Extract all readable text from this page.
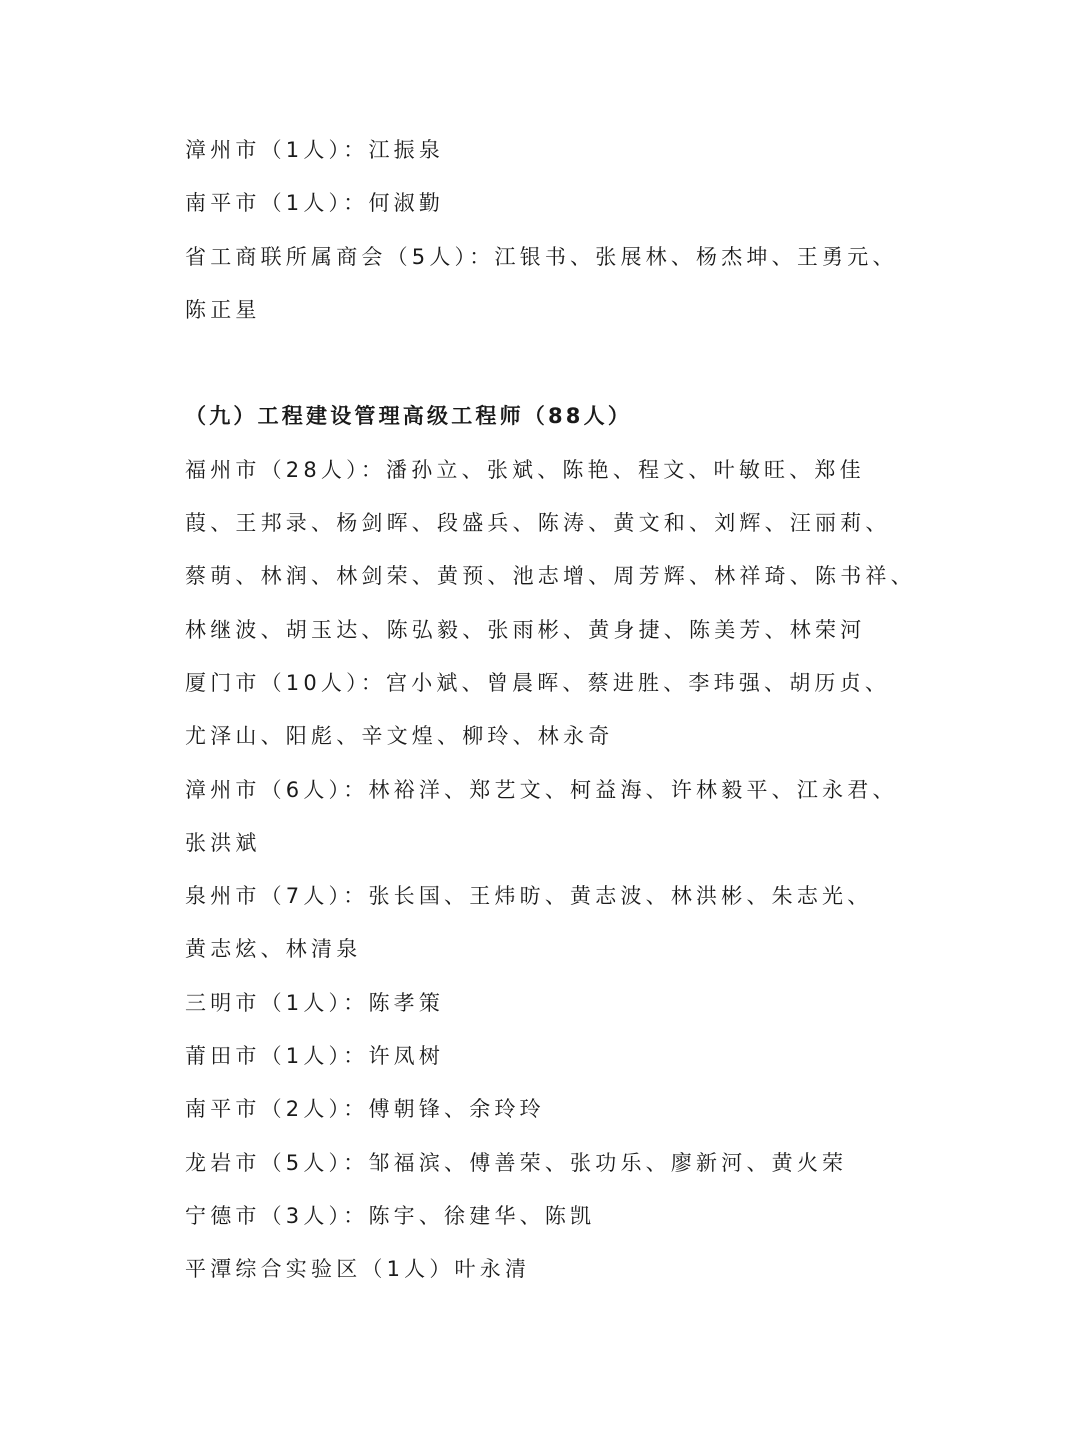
漳州市（1人）：江振泉
南平市（1人）：何淑勤
省工商联所属商会（5人）：江银书、张展林、杨杰坤、王勇元、
陈正星
（九）工程建设管理高级工程师（88人）
福州市（28人）：潘孙立、张斌、陈艳、程文、叶敏旺、郑佳
葭、王邦录、杨剑晖、段盛兵、陈涛、黄文和、刘辉、汪丽莉、
蔡萌、林润、林剑荣、黄预、池志增、周芳辉、林祥琦、陈书祥、
林继波、胡玉达、陈弘毅、张雨彬、黄身捷、陈美芳、林荣河
厦门市（10人）：宫小斌、曾晨晖、蔡进胜、李玮强、胡历贞、
尤泽山、阳彪、辛文煌、柳玲、林永奇
漳州市（6人）：林裕洋、郑艺文、柯益海、许林毅平、江永君、
张洪斌
泉州市（7人）：张长国、王炜昉、黄志波、林洪彬、朱志光、
黄志炫、林清泉
三明市（1人）：陈孝策
莆田市（1人）：许凤树
南平市（2人）：傅朝锋、余玲玲
龙岩市（5人）：邹福滨、傅善荣、张功乐、廖新河、黄火荣
宁德市（3人）：陈宇、徐建华、陈凯
平潭综合实验区（1人）叶永清
